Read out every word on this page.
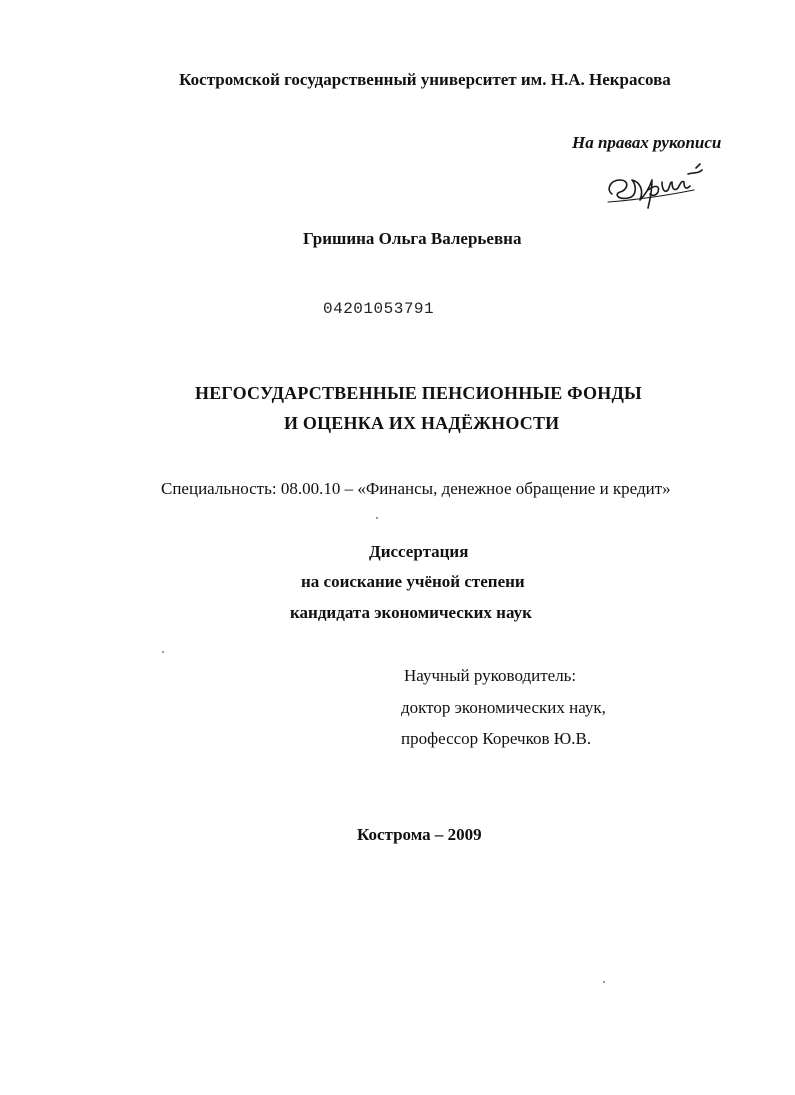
Костромской государственный университет им. Н.А. Некрасова
На правах рукописи
Гришина Ольга Валерьевна
04201053791
НЕГОСУДАРСТВЕННЫЕ ПЕНСИОННЫЕ ФОНДЫ
И ОЦЕНКА ИХ НАДЁЖНОСТИ
Специальность: 08.00.10 – «Финансы, денежное обращение и кредит»
Диссертация
на соискание учёной степени
кандидата экономических наук
Научный руководитель:
доктор экономических наук,
профессор Коречков Ю.В.
Кострома – 2009
